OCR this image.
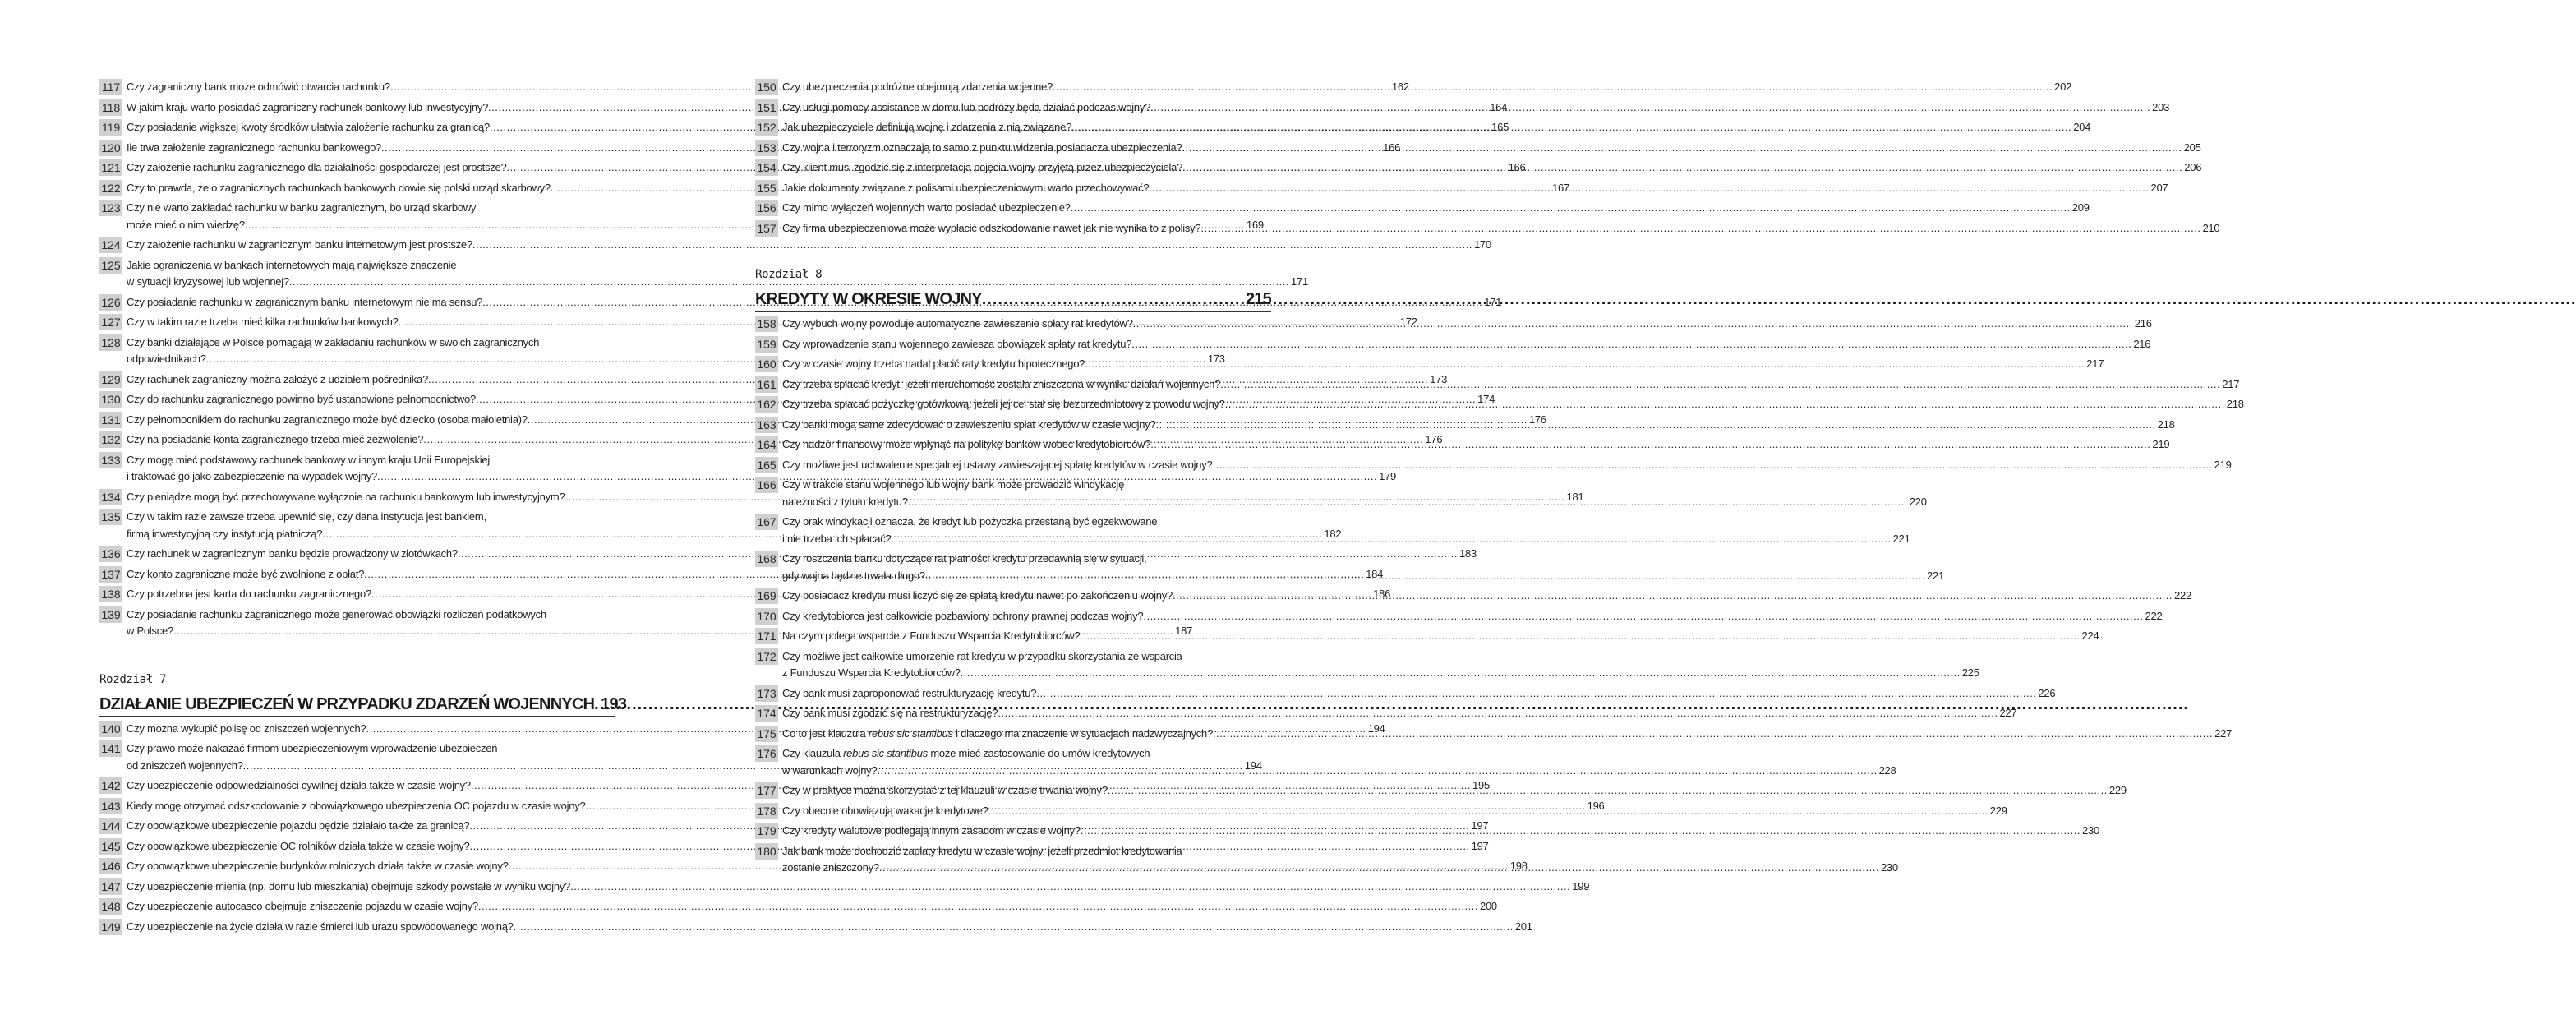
117 Czy zagraniczny bank może odmówić otwarcia rachunku? .....	162
118 W jakim kraju warto posiadać zagraniczny rachunek bankowy lub inwestycyjny? .....	164
119 Czy posiadanie większej kwoty środków ułatwia założenie rachunku za granicą? .....	165
120 Ile trwa założenie zagranicznego rachunku bankowego? .....	166
121 Czy założenie rachunku zagranicznego dla działalności gospodarczej jest prostsze? .....	166
122 Czy to prawda, że o zagranicznych rachunkach bankowych dowie się polski urząd skarbowy? .....	167
123 Czy nie warto zakładać rachunku w banku zagranicznym, bo urząd skarbowy
może mieć o nim wiedzę? .....	169
124 Czy założenie rachunku w zagranicznym banku internetowym jest prostsze? .....	170
125 Jakie ograniczenia w bankach internetowych mają największe znaczenie
w sytuacji kryzysowej lub wojennej? .....	171
126 Czy posiadanie rachunku w zagranicznym banku internetowym nie ma sensu? .....	171
127 Czy w takim razie trzeba mieć kilka rachunków bankowych? .....	172
128 Czy banki działające w Polsce pomagają w zakładaniu rachunków w swoich zagranicznych
odpowiednikach? .....	173
129 Czy rachunek zagraniczny można założyć z udziałem pośrednika? .....	173
130 Czy do rachunku zagranicznego powinno być ustanowione pełnomocnictwo? .....	174
131 Czy pełnomocnikiem do rachunku zagranicznego może być dziecko (osoba małoletnia)? .....	176
132 Czy na posiadanie konta zagranicznego trzeba mieć zezwolenie? .....	176
133 Czy mogę mieć podstawowy rachunek bankowy w innym kraju Unii Europejskiej
i traktować go jako zabezpieczenie na wypadek wojny? .....	179
134 Czy pieniądze mogą być przechowywane wyłącznie na rachunku bankowym lub inwestycyjnym? .....	181
135 Czy w takim razie zawsze trzeba upewnić się, czy dana instytucja jest bankiem,
firmą inwestycyjną czy instytucją płatniczą? .....	182
136 Czy rachunek w zagranicznym banku będzie prowadzony w złotówkach? .....	183
137 Czy konto zagraniczne może być zwolnione z opłat? .....	184
138 Czy potrzebna jest karta do rachunku zagranicznego? .....	186
139 Czy posiadanie rachunku zagranicznego może generować obowiązki rozliczeń podatkowych
w Polsce? .....	187
Rozdział 7
DZIAŁANIE UBEZPIECZEŃ W PRZYPADKU ZDARZEŃ WOJENNYCH ..... 193
140 Czy można wykupić polisę od zniszczeń wojennych? .....	194
141 Czy prawo może nakazać firmom ubezpieczeniowym wprowadzenie ubezpieczeń
od zniszczeń wojennych? .....	194
142 Czy ubezpieczenie odpowiedzialności cywilnej działa także w czasie wojny? .....	195
143 Kiedy mogę otrzymać odszkodowanie z obowiązkowego ubezpieczenia OC pojazdu w czasie wojny? .....	196
144 Czy obowiązkowe ubezpieczenie pojazdu będzie działało także za granicą? .....	197
145 Czy obowiązkowe ubezpieczenie OC rolników działa także w czasie wojny? .....	197
146 Czy obowiązkowe ubezpieczenie budynków rolniczych działa także w czasie wojny? .....	198
147 Czy ubezpieczenie mienia (np. domu lub mieszkania) obejmuje szkody powstałe w wyniku wojny? .....	199
148 Czy ubezpieczenie autocasco obejmuje zniszczenie pojazdu w czasie wojny? .....	200
149 Czy ubezpieczenie na życie działa w razie śmierci lub urazu spowodowanego wojną? .....	201
150 Czy ubezpieczenia podróżne obejmują zdarzenia wojenne? .....	202
151 Czy usługi pomocy assistance w domu lub podróży będą działać podczas wojny? .....	203
152 Jak ubezpieczyciele definiują wojnę i zdarzenia z nią związane? .....	204
153 Czy wojna i terroryzm oznaczają to samo z punktu widzenia posiadacza ubezpieczenia? .....	205
154 Czy klient musi zgodzić się z interpretacją pojęcia wojny przyjętą przez ubezpieczyciela? .....	206
155 Jakie dokumenty związane z polisami ubezpieczeniowymi warto przechowywać? .....	207
156 Czy mimo wyłączeń wojennych warto posiadać ubezpieczenie? .....	209
157 Czy firma ubezpieczeniowa może wypłacić odszkodowanie nawet jak nie wynika to z polisy? .....	210
Rozdział 8
KREDYTY W OKRESIE WOJNY .....	215
158 Czy wybuch wojny powoduje automatyczne zawieszenie spłaty rat kredytów? .....	216
159 Czy wprowadzenie stanu wojennego zawiesza obowiązek spłaty rat kredytu? .....	216
160 Czy w czasie wojny trzeba nadal płacić raty kredytu hipotecznego? .....	217
161 Czy trzeba spłacać kredyt, jeżeli nieruchomość została zniszczona w wyniku działań wojennych? .....	217
162 Czy trzeba spłacać pożyczkę gotówkową, jeżeli jej cel stał się bezprzedmiotowy z powodu wojny? .....	218
163 Czy banki mogą same zdecydować o zawieszeniu spłat kredytów w czasie wojny? .....	218
164 Czy nadzór finansowy może wpłynąć na politykę banków wobec kredytobiorców? .....	219
165 Czy możliwe jest uchwalenie specjalnej ustawy zawieszającej spłatę kredytów w czasie wojny? .....	219
166 Czy w trakcie stanu wojennego lub wojny bank może prowadzić windykację
należności z tytułu kredytu? .....	220
167 Czy brak windykacji oznacza, że kredyt lub pożyczka przestaną być egzekwowane
i nie trzeba ich spłacać? .....	221
168 Czy roszczenia banku dotyczące rat płatności kredytu przedawnią się w sytuacji,
gdy wojna będzie trwała długo? .....	221
169 Czy posiadacz kredytu musi liczyć się ze spłatą kredytu nawet po zakończeniu wojny? .....	222
170 Czy kredytobiorca jest całkowicie pozbawiony ochrony prawnej podczas wojny? .....	222
171 Na czym polega wsparcie z Funduszu Wsparcia Kredytobiorców? .....	224
172 Czy możliwe jest całkowite umorzenie rat kredytu w przypadku skorzystania ze wsparcia
z Funduszu Wsparcia Kredytobiorców? .....	225
173 Czy bank musi zaproponować restrukturyzację kredytu? .....	226
174 Czy bank musi zgodzić się na restrukturyzację? .....	227
175 Co to jest klauzula rebus sic stantibus i dlaczego ma znaczenie w sytuacjach nadzwyczajnych? .....	227
176 Czy klauzula rebus sic stantibus może mieć zastosowanie do umów kredytowych
w warunkach wojny? .....	228
177 Czy w praktyce można skorzystać z tej klauzuli w czasie trwania wojny? .....	229
178 Czy obecnie obowiązują wakacje kredytowe? .....	229
179 Czy kredyty walutowe podlegają innym zasadom w czasie wojny? .....	230
180 Jak bank może dochodzić zapłaty kredytu w czasie wojny, jeżeli przedmiot kredytowania
zostanie zniszczony? .....	230
